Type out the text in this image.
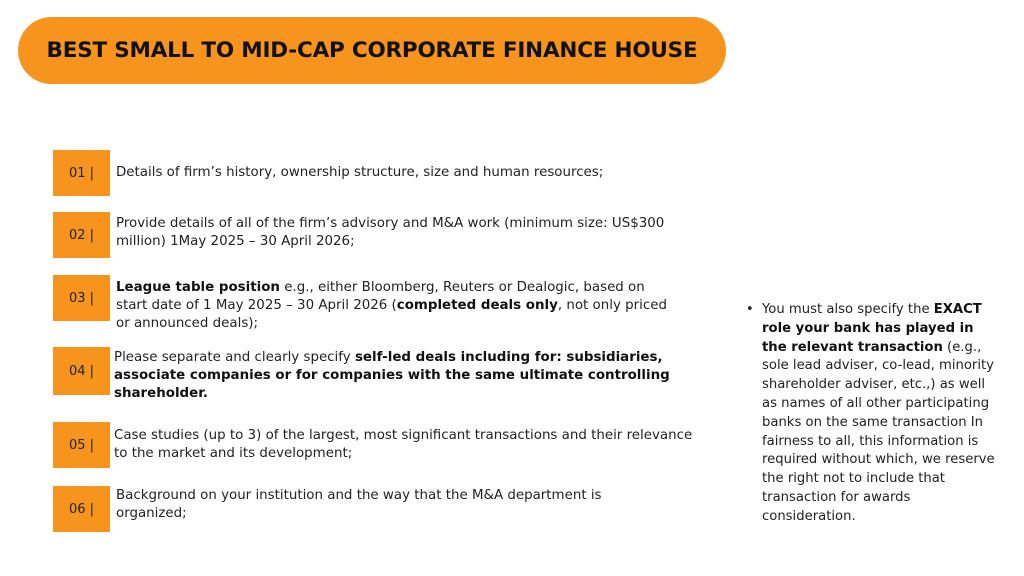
BEST SMALL TO MID-CAP CORPORATE FINANCE HOUSE
01 | Details of firm’s history, ownership structure, size and human resources;
02 |
Provide details of all of the firm’s advisory and M&A work (minimum size: US$300 million) 1May 2025 – 30 April 2026;
03 |
League table position e.g., either Bloomberg, Reuters or Dealogic, based on start date of 1 May 2025 – 30 April 2026 (completed deals only, not only priced or announced deals);
04 |
Please separate and clearly specify self-led deals including for: subsidiaries, associate companies or for companies with the same ultimate controlling shareholder.
05 |
Case studies (up to 3) of the largest, most significant transactions and their relevance to the market and its development;
06 |
Background on your institution and the way that the M&A department is organized;
• You must also specify the EXACT role your bank has played in the relevant transaction (e.g., sole lead adviser, co-lead, minority shareholder adviser, etc.,) as well as names of all other participating banks on the same transaction In fairness to all, this information is required without which, we reserve the right not to include that transaction for awards consideration.
